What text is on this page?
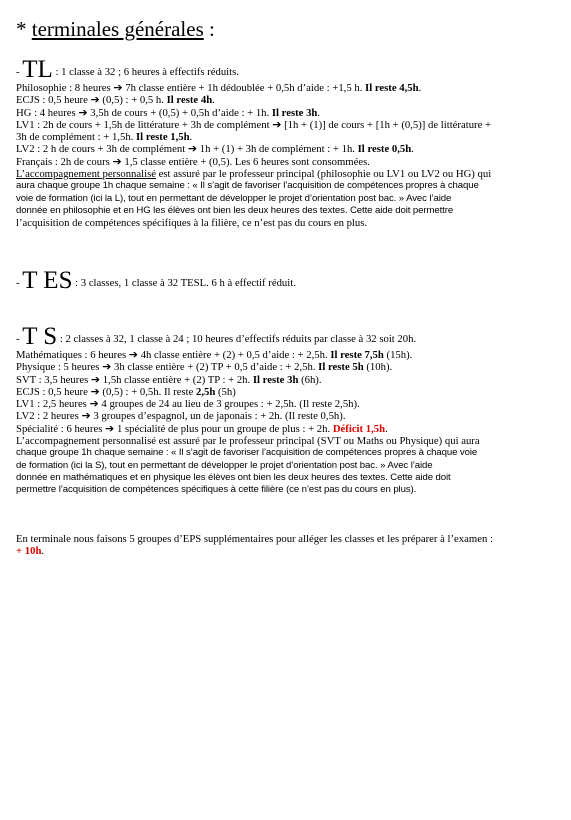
* terminales générales :
- TL : 1 classe à 32 ; 6 heures à effectifs réduits.
Philosophie : 8 heures ➔ 7h classe entière + 1h dédoublée + 0,5h d’aide : +1,5 h. Il reste 4,5h.
ECJS : 0,5 heure ➔ (0,5) : + 0,5 h. Il reste 4h.
HG : 4 heures ➔ 3,5h de cours + (0,5) + 0,5h d’aide : + 1h. Il reste 3h.
LV1 : 2h de cours + 1,5h de littérature + 3h de complément ➔ [1h + (1)] de cours + [1h + (0,5)] de littérature +
3h de complément : + 1,5h. Il reste 1,5h.
LV2 : 2 h de cours + 3h de complément ➔ 1h + (1) + 3h de complément : + 1h. Il reste 0,5h.
Français : 2h de cours ➔ 1,5 classe entière + (0,5). Les 6 heures sont consommées.
L’accompagnement personnalisé est assuré par le professeur principal (philosophie ou LV1 ou LV2 ou HG) qui
aura chaque groupe 1h chaque semaine : « Il s’agit de favoriser l’acquisition de compétences propres à chaque
voie de formation (ici la L), tout en permettant de développer le projet d’orientation post bac. » Avec l’aide
donnée en philosophie et en HG les élèves ont bien les deux heures des textes. Cette aide doit permettre
l’acquisition de compétences spécifiques à la filière, ce n’est pas du cours en plus.
- T ES : 3 classes, 1 classe à 32 TESL. 6 h à effectif réduit.
- T S : 2 classes à 32, 1 classe à 24 ; 10 heures d’effectifs réduits par classe à 32 soit 20h.
Mathématiques : 6 heures ➔ 4h classe entière + (2) + 0,5 d’aide : + 2,5h. Il reste 7,5h (15h).
Physique : 5 heures ➔ 3h classe entière + (2) TP + 0,5 d’aide : + 2,5h. Il reste 5h (10h).
SVT : 3,5 heures ➔ 1,5h classe entière + (2) TP : + 2h. Il reste 3h (6h).
ECJS : 0,5 heure ➔ (0,5) : + 0,5h. Il reste 2,5h (5h)
LV1 : 2,5 heures ➔ 4 groupes de 24 au lieu de 3 groupes : + 2,5h. (Il reste 2,5h).
LV2 : 2 heures ➔ 3 groupes d’espagnol, un de japonais : + 2h. (Il reste 0,5h).
Spécialité : 6 heures ➔ 1 spécialité de plus pour un groupe de plus : + 2h. Déficit 1,5h.
L’accompagnement personnalisé est assuré par le professeur principal (SVT ou Maths ou Physique) qui aura
chaque groupe 1h chaque semaine : « Il s’agit de favoriser l’acquisition de compétences propres à chaque voie
de formation (ici la S), tout en permettant de développer le projet d’orientation post bac. » Avec l’aide
donnée en mathématiques et en physique les élèves ont bien les deux heures des textes. Cette aide doit
permettre l’acquisition de compétences spécifiques à cette filière (ce n’est pas du cours en plus).
En terminale nous faisons 5 groupes d’EPS supplémentaires pour alléger les classes et les préparer à l’examen :
+ 10h.
